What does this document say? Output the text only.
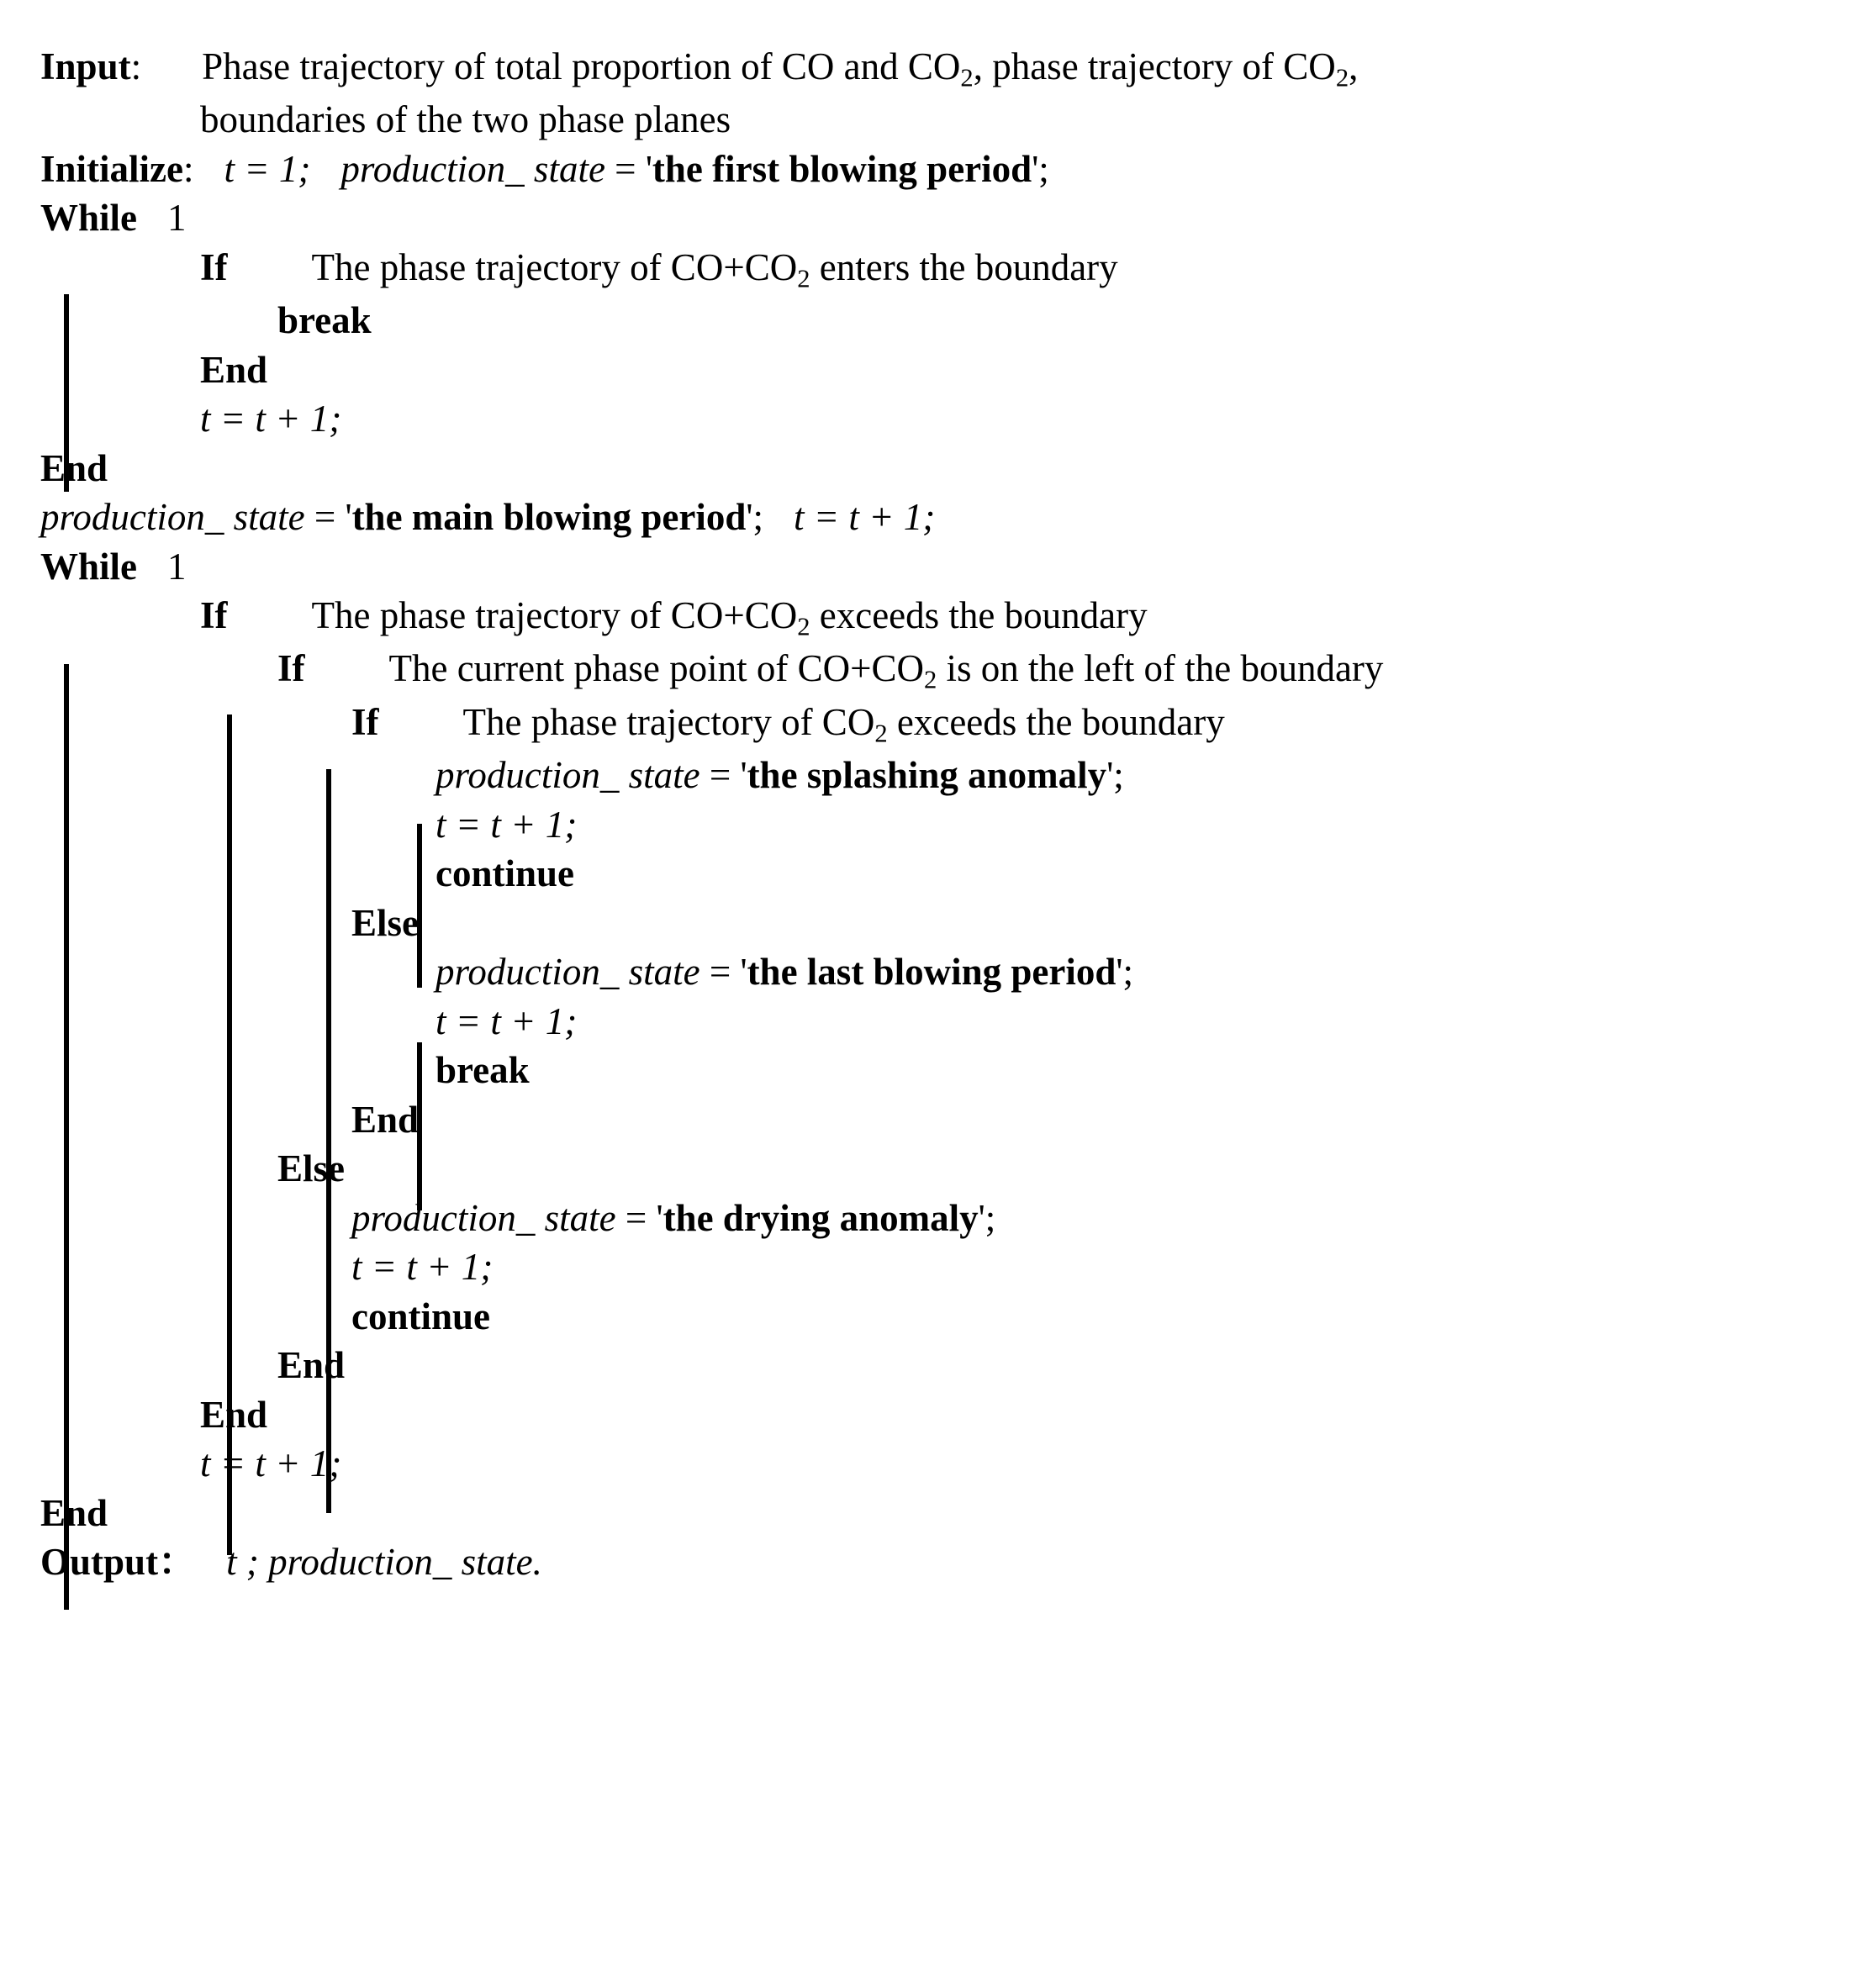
Input: Phase trajectory of total proportion of CO and $CO_2$, phase trajectory of $CO_2$,
boundaries of the two phase planes
Initialize: t = 1; production_ state = 'the first blowing period';
While 1
If The phase trajectory of $CO+CO_2$ enters the boundary
break
End
t = t + 1;
End
production_ state = 'the main blowing period'; t = t + 1;
While 1
If The phase trajectory of $CO+CO_2$ exceeds the boundary
If The current phase point of $CO+CO_2$ is on the left of the boundary
If The phase trajectory of $CO_2$ exceeds the boundary
production_ state = 'the splashing anomaly';
t = t + 1;
continue
Else
production_ state = 'the last blowing period';
t = t + 1;
break
End
Else
production_ state = 'the drying anomaly';
t = t + 1;
continue
End
End
t = t + 1;
End
Output： t ; production_ state.
